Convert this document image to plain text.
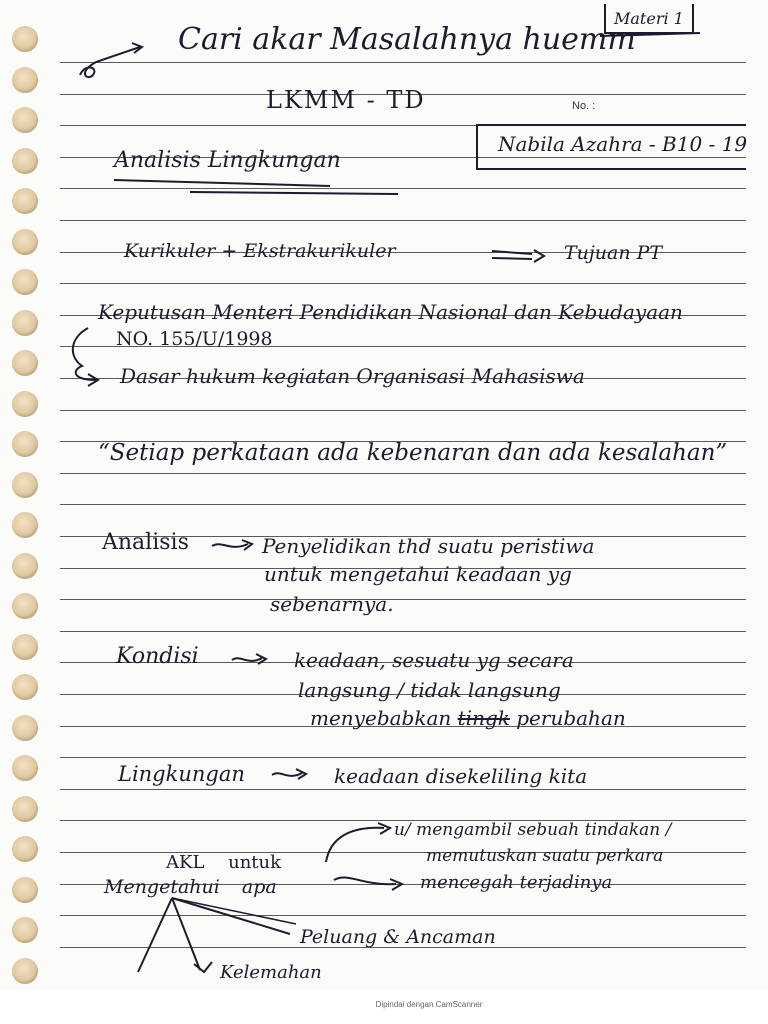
Cari akar Masalahnya huemm
Materi 1
LKMM - TD	No. :
Nabila Azahra - B10 - 19
Analisis Lingkungan
Kurikuler + Ekstrakurikuler	Tujuan PT
Keputusan Menteri Pendidikan Nasional dan Kebudayaan
NO. 155/U/1998
Dasar hukum kegiatan Organisasi Mahasiswa
“Setiap perkataan ada kebenaran dan ada kesalahan”
Analisis	Penyelidikan thd suatu peristiwa
untuk mengetahui keadaan yg
sebenarnya.
Kondisi	keadaan, sesuatu yg secara
langsung / tidak langsung
menyebabkan tingk perubahan
Lingkungan	keadaan disekeliling kita
u/ mengambil sebuah tindakan /
memutuskan suatu perkara
AKL untuk
Mengetahui apa	mencegah terjadinya
Peluang & Ancaman
Kelemahan
Dipindai dengan CamScanner
